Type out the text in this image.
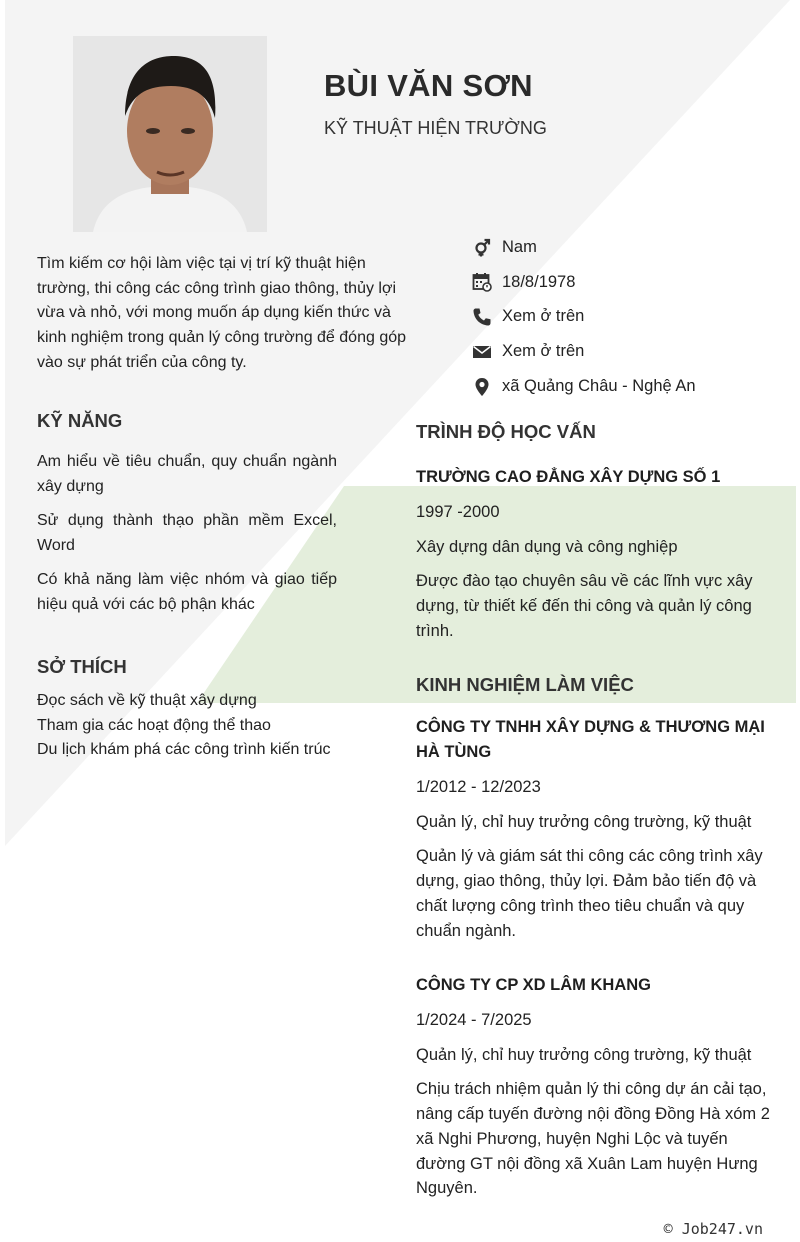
BÙI VĂN SƠN

KỸ THUẬT HIỆN TRƯỜNG

Tìm kiếm cơ hội làm việc tại vị trí kỹ thuật hiện trường, thi công các công trình giao thông, thủy lợi vừa và nhỏ, với mong muốn áp dụng kiến thức và kinh nghiệm trong quản lý công trường để đóng góp vào sự phát triển của công ty.

Nam
18/8/1978
Xem ở trên
Xem ở trên
xã Quảng Châu - Nghệ An
KỸ NĂNG
Am hiểu về tiêu chuẩn, quy chuẩn ngành xây dựng
Sử dụng thành thạo phần mềm Excel, Word
Có khả năng làm việc nhóm và giao tiếp hiệu quả với các bộ phận khác
SỞ THÍCH
Đọc sách về kỹ thuật xây dựng
Tham gia các hoạt động thể thao
Du lịch khám phá các công trình kiến trúc
TRÌNH ĐỘ HỌC VẤN

TRƯỜNG CAO ĐẲNG XÂY DỰNG SỐ 1

1997 -2000

Xây dựng dân dụng và công nghiệp

Được đào tạo chuyên sâu về các lĩnh vực xây dựng, từ thiết kế đến thi công và quản lý công trình.

KINH NGHIỆM LÀM VIỆC

CÔNG TY TNHH XÂY DỰNG & THƯƠNG MẠI HÀ TÙNG

1/2012 - 12/2023

Quản lý, chỉ huy trưởng công trường, kỹ thuật

Quản lý và giám sát thi công các công trình xây dựng, giao thông, thủy lợi. Đảm bảo tiến độ và chất lượng công trình theo tiêu chuẩn và quy chuẩn ngành.

CÔNG TY CP XD LÂM KHANG

1/2024 - 7/2025

Quản lý, chỉ huy trưởng công trường, kỹ thuật

Chịu trách nhiệm quản lý thi công dự án cải tạo, nâng cấp tuyến đường nội đồng Đồng Hà xóm 2 xã Nghi Phương, huyện Nghi Lộc và tuyến đường GT nội đồng xã Xuân Lam huyện Hưng Nguyên.

© Job247.vn
